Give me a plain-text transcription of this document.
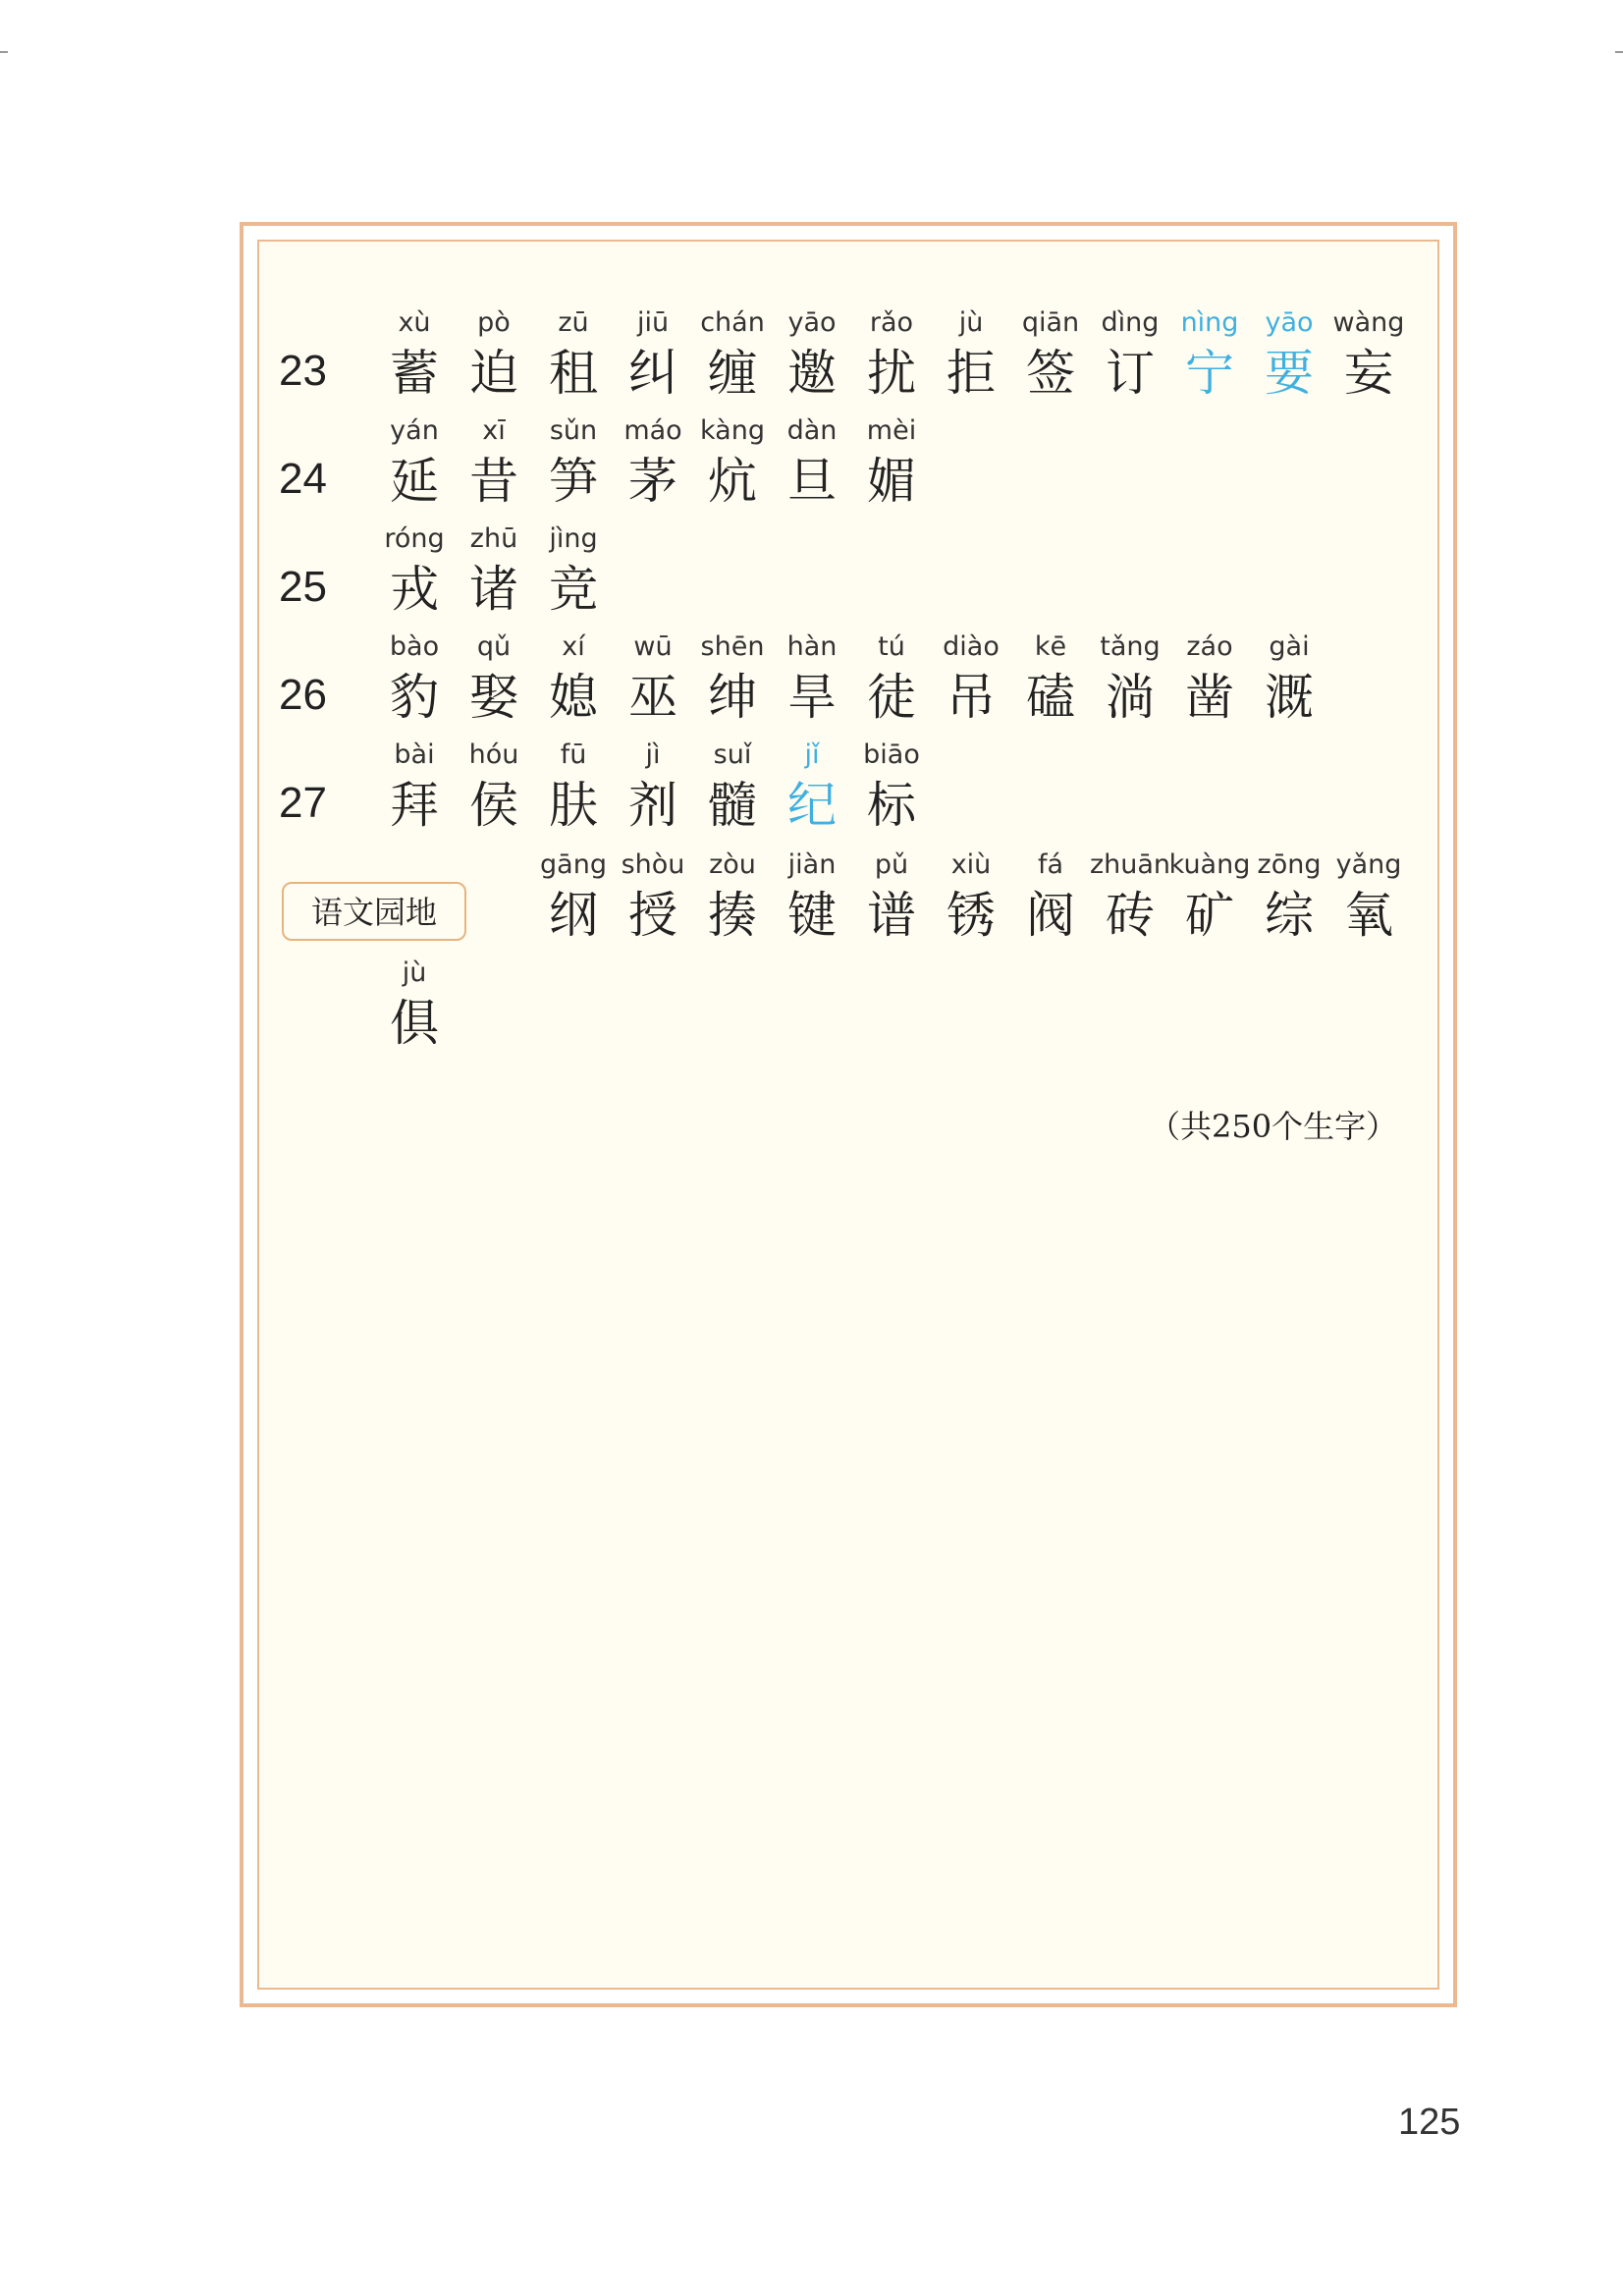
23
xù
蓄
pò
迫
zū
租
jiū
纠
chán
缠
yāo
邀
rǎo
扰
jù
拒
qiān
签
dìng
订
nìng
宁
yāo
要
wàng
妄
24
yán
延
xī
昔
sǔn
笋
máo
茅
kàng
炕
dàn
旦
mèi
媚
25
róng
戎
zhū
诸
jìng
竞
26
bào
豹
qǔ
娶
xí
媳
wū
巫
shēn
绅
hàn
旱
tú
徒
diào
吊
kē
磕
tǎng
淌
záo
凿
gài
溉
27
bài
拜
hóu
侯
fū
肤
jì
剂
suǐ
髓
jǐ
纪
biāo
标
语文园地
gāng
纲
shòu
授
zòu
揍
jiàn
键
pǔ
谱
xiù
锈
fá
阀
zhuān
砖
kuàng
矿
zōng
综
yǎng
氧
jù
俱
（共250个生字）
125
